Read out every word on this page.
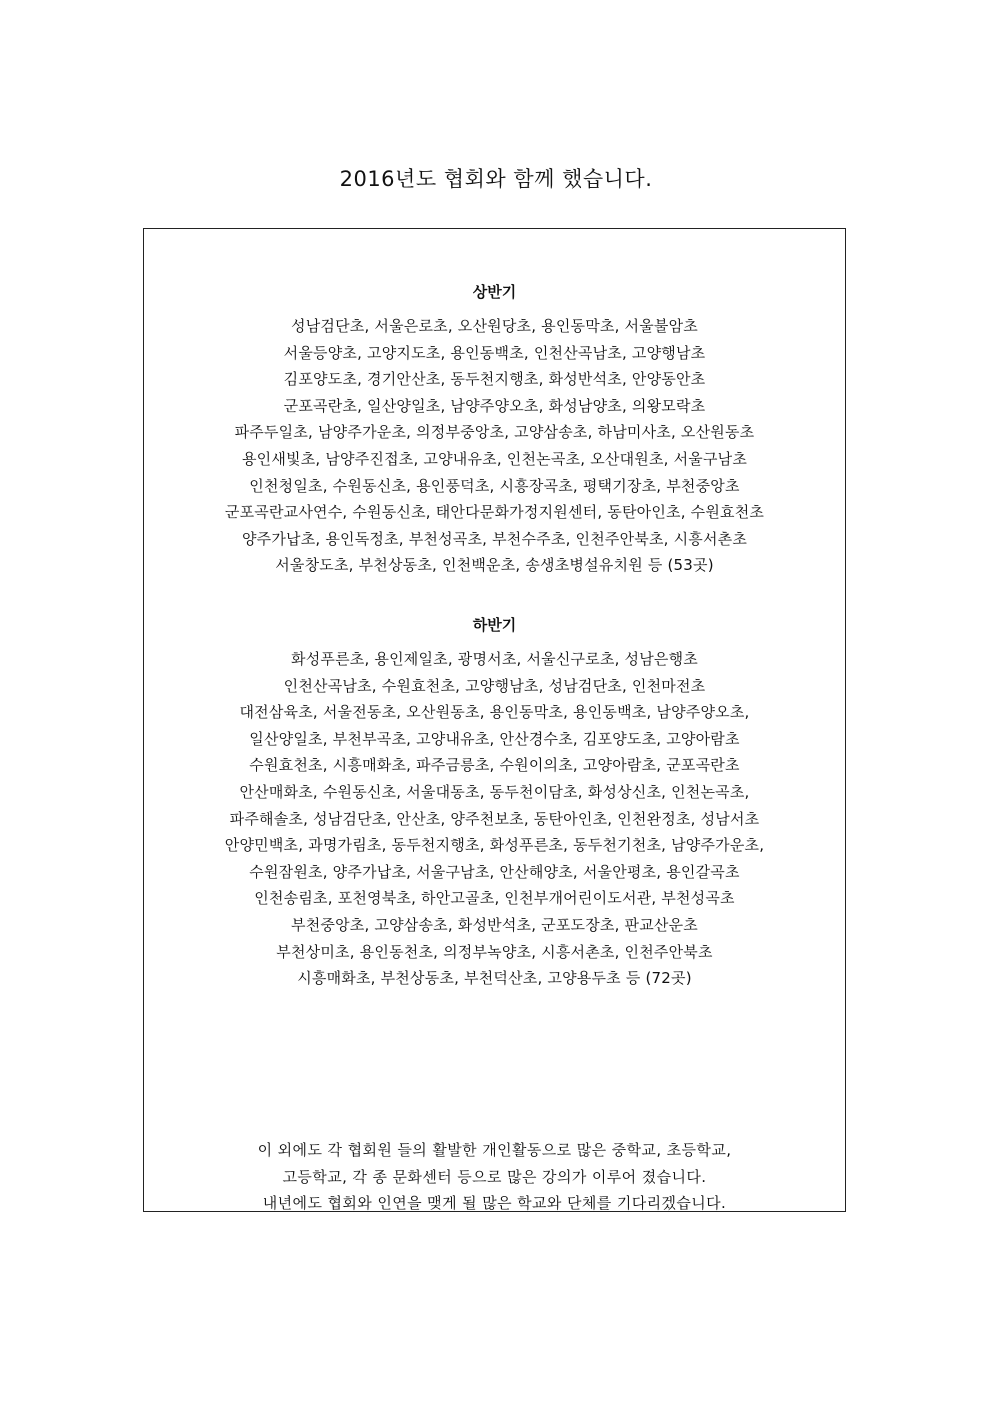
2016년도 협회와 함께 했습니다.
상반기
성남검단초, 서울은로초, 오산원당초, 용인동막초, 서울불암초
서울등양초, 고양지도초, 용인동백초, 인천산곡남초, 고양행남초
김포양도초, 경기안산초, 동두천지행초, 화성반석초, 안양동안초
군포곡란초, 일산양일초, 남양주양오초, 화성남양초, 의왕모락초
파주두일초, 남양주가운초, 의정부중앙초, 고양삼송초, 하남미사초, 오산원동초
용인새빛초, 남양주진접초, 고양내유초, 인천논곡초, 오산대원초, 서울구남초
인천청일초, 수원동신초, 용인풍덕초, 시흥장곡초, 평택기장초, 부천중앙초
군포곡란교사연수, 수원동신초, 태안다문화가정지원센터, 동탄아인초, 수원효천초
양주가납초, 용인독정초, 부천성곡초, 부천수주초, 인천주안북초, 시흥서촌초
서울창도초, 부천상동초, 인천백운초, 송생초병설유치원 등 (53곳)
하반기
화성푸른초, 용인제일초, 광명서초, 서울신구로초, 성남은행초
인천산곡남초, 수원효천초, 고양행남초, 성남검단초, 인천마전초
대전삼육초, 서울전동초, 오산원동초, 용인동막초, 용인동백초, 남양주양오초,
일산양일초, 부천부곡초, 고양내유초, 안산경수초, 김포양도초, 고양아람초
수원효천초, 시흥매화초, 파주금릉초, 수원이의초, 고양아람초, 군포곡란초
안산매화초, 수원동신초, 서울대동초, 동두천이담초, 화성상신초, 인천논곡초,
파주해솔초, 성남검단초, 안산초, 양주천보초, 동탄아인초, 인천완정초, 성남서초
안양민백초, 과명가림초, 동두천지행초, 화성푸른초, 동두천기천초, 남양주가운초,
수원잠원초, 양주가납초, 서울구남초, 안산해양초, 서울안평초, 용인갈곡초
인천송림초, 포천영북초, 하안고골초, 인천부개어린이도서관, 부천성곡초
부천중앙초, 고양삼송초, 화성반석초, 군포도장초, 판교산운초
부천상미초, 용인동천초, 의정부녹양초, 시흥서촌초, 인천주안북초
시흥매화초, 부천상동초, 부천덕산초, 고양용두초 등 (72곳)
이 외에도 각 협회원 들의 활발한 개인활동으로 많은 중학교, 초등학교,
고등학교, 각 종 문화센터 등으로 많은 강의가 이루어 졌습니다.
내년에도 협회와 인연을 맺게 될 많은 학교와 단체를 기다리겠습니다.
